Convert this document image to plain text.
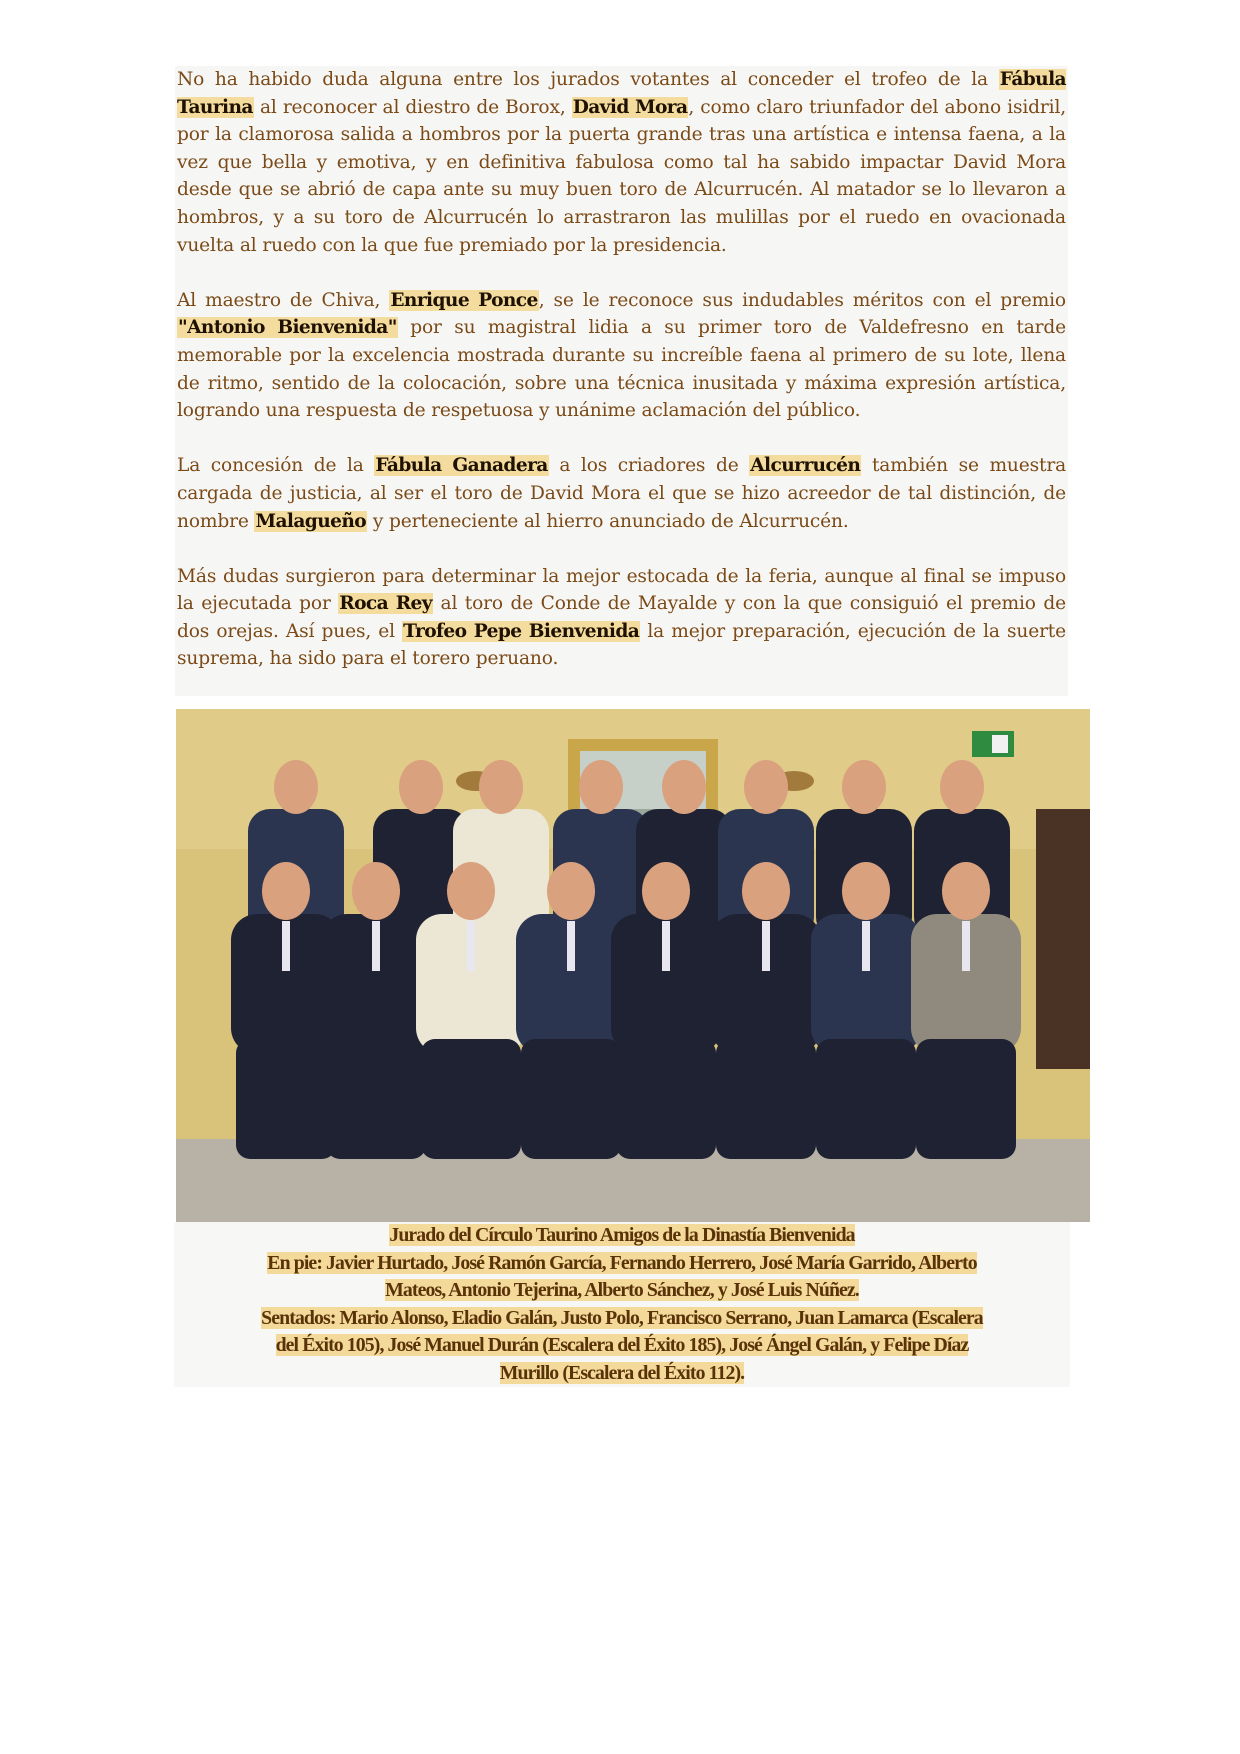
No ha habido duda alguna entre los jurados votantes al conceder el trofeo de la Fábula Taurina al reconocer al diestro de Borox, David Mora, como claro triunfador del abono isidril, por la clamorosa salida a hombros por la puerta grande tras una artística e intensa faena, a la vez que bella y emotiva, y en definitiva fabulosa como tal ha sabido impactar David Mora desde que se abrió de capa ante su muy buen toro de Alcurrucén. Al matador se lo llevaron a hombros, y a su toro de Alcurrucén lo arrastraron las mulillas por el ruedo en ovacionada vuelta al ruedo con la que fue premiado por la presidencia.

Al maestro de Chiva, Enrique Ponce, se le reconoce sus indudables méritos con el premio "Antonio Bienvenida" por su magistral lidia a su primer toro de Valdefresno en tarde memorable por la excelencia mostrada durante su increíble faena al primero de su lote, llena de ritmo, sentido de la colocación, sobre una técnica inusitada y máxima expresión artística, logrando una respuesta de respetuosa y unánime aclamación del público.

La concesión de la Fábula Ganadera a los criadores de Alcurrucén también se muestra cargada de justicia, al ser el toro de David Mora el que se hizo acreedor de tal distinción, de nombre Malagueño y perteneciente al hierro anunciado de Alcurrucén.

Más dudas surgieron para determinar la mejor estocada de la feria, aunque al final se impuso la ejecutada por Roca Rey al toro de Conde de Mayalde y con la que consiguió el premio de dos orejas. Así pues, el Trofeo Pepe Bienvenida la mejor preparación, ejecución de la suerte suprema, ha sido para el torero peruano.

Jurado del Círculo Taurino Amigos de la Dinastía Bienvenida

En pie: Javier Hurtado, José Ramón García, Fernando Herrero, José María Garrido, Alberto

Mateos, Antonio Tejerina, Alberto Sánchez, y José Luis Núñez.

Sentados: Mario Alonso, Eladio Galán, Justo Polo, Francisco Serrano, Juan Lamarca (Escalera

del Éxito 105), José Manuel Durán (Escalera del Éxito 185), José Ángel Galán, y Felipe Díaz

Murillo (Escalera del Éxito 112).
